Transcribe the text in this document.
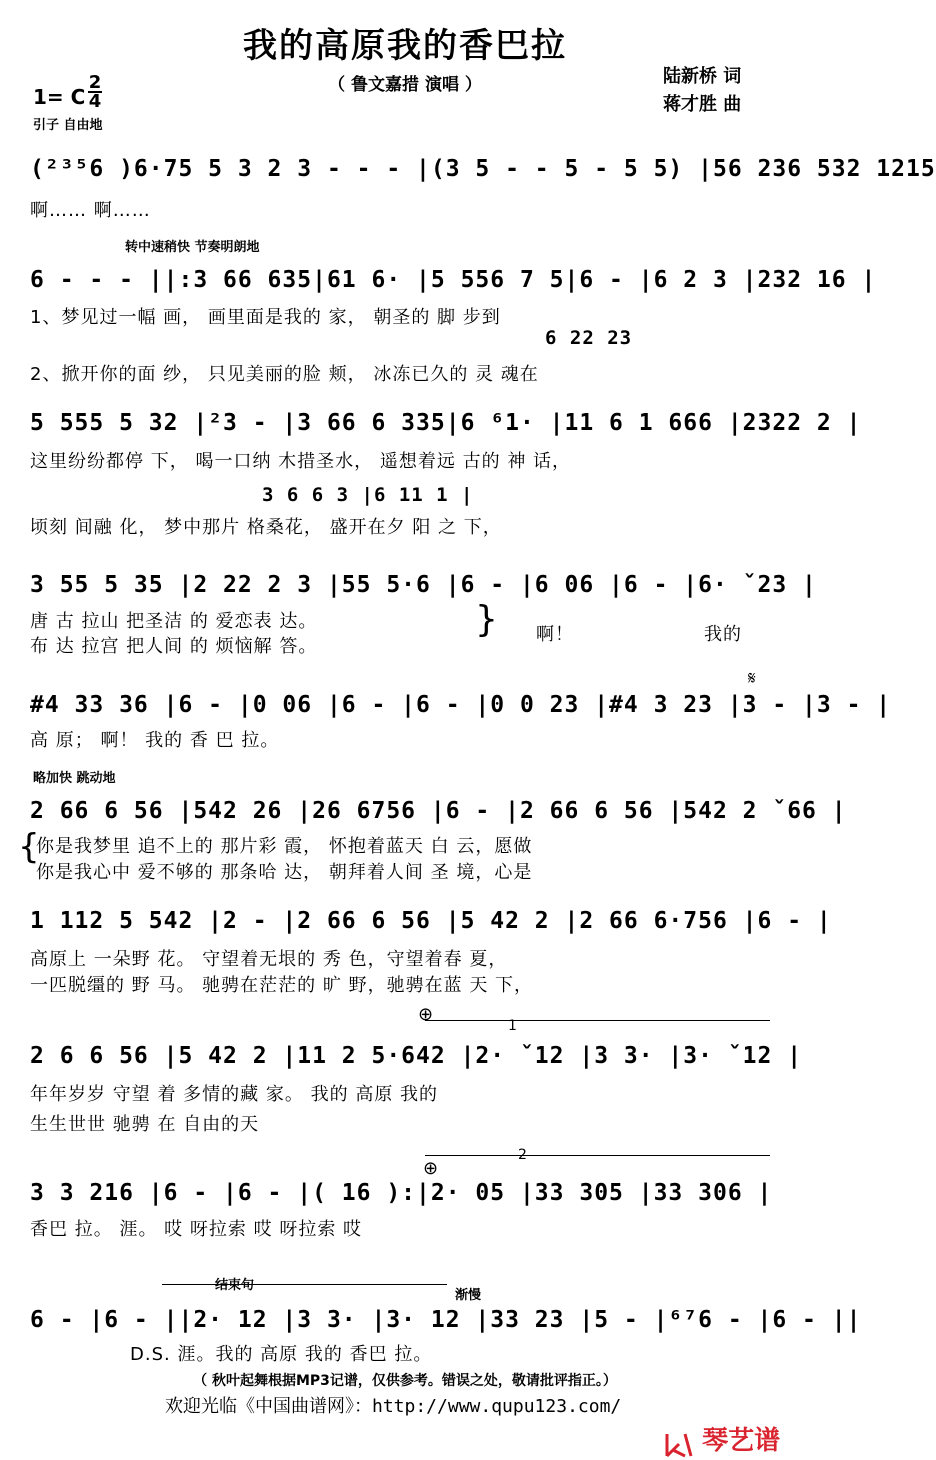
我的高原我的香巴拉
（ 鲁文嘉措 演唱 ）	陆新桥 词
蒋才胜 曲
1= C
2
4
引子 自由地
(²³⁵6 )6·75 5 3 2 3 - - - |(3 5 - - 5 - 5 5) |56 236 532 1215
啊…… 啊……
转中速稍快 节奏明朗地
6 - - - ||:3 66 635|61 6· |5 556 7 5|6 - |6 2 3 |232 16 |
1、梦见过一幅 画， 画里面是我的 家， 朝圣的 脚 步到
6 22 23
2、掀开你的面 纱， 只见美丽的脸 颊， 冰冻已久的 灵 魂在
5 555 5 32 |²3 - |3 66 6 335|6 ⁶1· |11 6 1 666 |2322 2 |
这里纷纷都停 下， 喝一口纳 木措圣水， 遥想着远 古的 神 话，
3 6 6 3 |6 11 1 |
顷刻 间融 化， 梦中那片 格桑花， 盛开在夕 阳 之 下，
3 55 5 35 |2 22 2 3 |55 5·6 |6 - |6 06 |6 - |6· ˇ23 |
唐 古 拉山 把圣洁 的 爱恋表 达。
布 达 拉宫 把人间 的 烦恼解 答。
} 啊！	我的
𝄋
#4 33 36 |6 - |0 06 |6 - |6 - |0 0 23 |#4 3 23 |3 - |3 - |
高 原； 啊！ 我的 香 巴 拉。
略加快 跳动地
2 66 6 56 |542 26 |26 6756 |6 - |2 66 6 56 |542 2 ˇ66 |
{
你是我梦里 追不上的 那片彩 霞， 怀抱着蓝天 白 云，愿做
你是我心中 爱不够的 那条哈 达， 朝拜着人间 圣 境，心是
1 112 5 542 |2 - |2 66 6 56 |5 42 2 |2 66 6·756 |6 - |
高原上 一朵野 花。 守望着无垠的 秀 色，守望着春 夏，
一匹脱缰的 野 马。 驰骋在茫茫的 旷 野，驰骋在蓝 天 下，
⊕
1
2 6 6 56 |5 42 2 |11 2 5·642 |2· ˇ12 |3 3· |3· ˇ12 |
年年岁岁 守望 着 多情的藏 家。 我的 高原 我的
生生世世 驰骋 在 自由的天
2
⊕
3 3 216 |6 - |6 - |( 16 ):|2· 05 |33 305 |33 306 |
香巴 拉。 涯。 哎 呀拉索 哎 呀拉索 哎
结束句
渐慢
6 - |6 - ||2· 12 |3 3· |3· 12 |33 23 |5 - |⁶⁷6 - |6 - ||
D.S. 涯。我的 高原 我的 香巴 拉。
（ 秋叶起舞根据MP3记谱，仅供参考。错误之处，敬请批评指正。）
欢迎光临《中国曲谱网》：http://www.qupu123.com/
琴艺谱
